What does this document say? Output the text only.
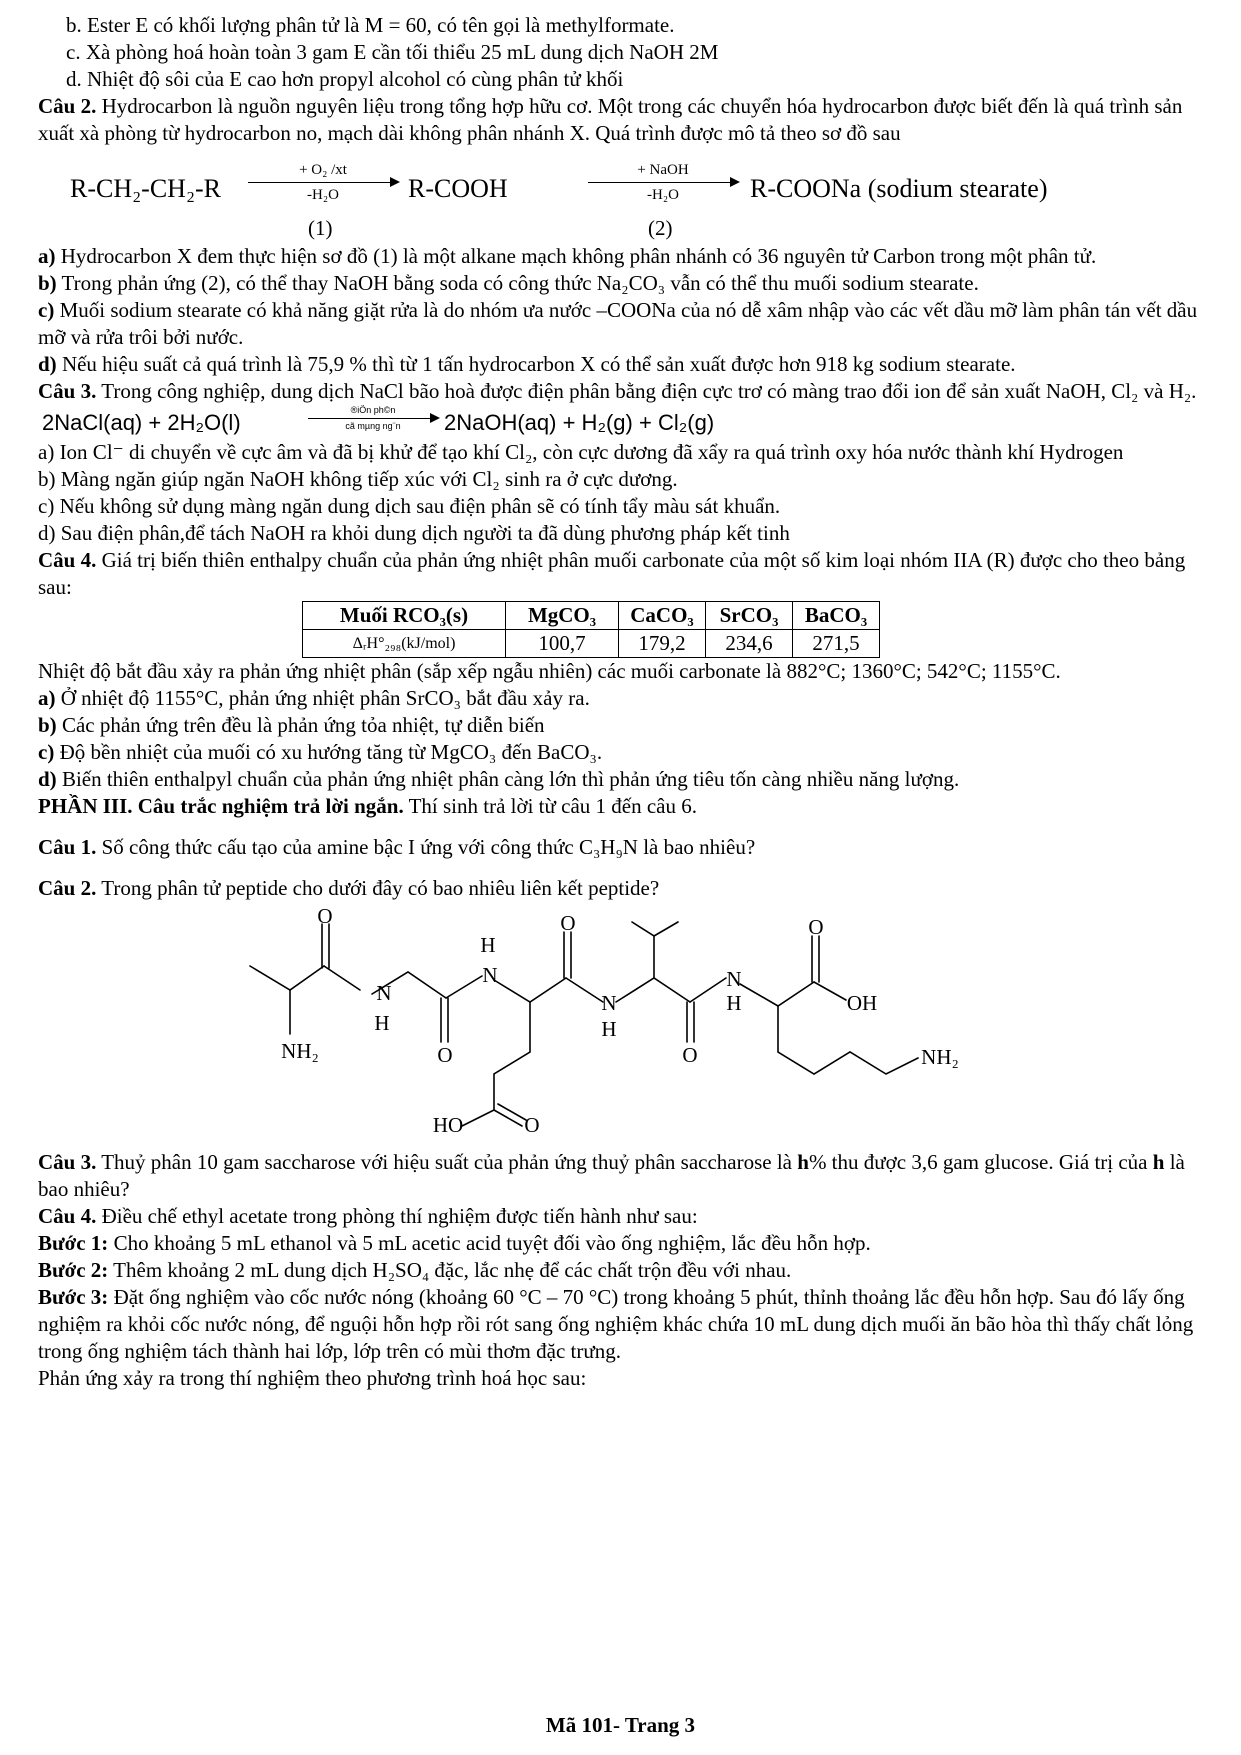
b. Ester E có khối lượng phân tử là M = 60, có tên gọi là methylformate.

c. Xà phòng hoá hoàn toàn 3 gam E cần tối thiểu 25 mL dung dịch NaOH 2M

d. Nhiệt độ sôi của E cao hơn propyl alcohol có cùng phân tử khối

Câu 2. Hydrocarbon là nguồn nguyên liệu trong tổng hợp hữu cơ. Một trong các chuyển hóa hydrocarbon được biết đến là quá trình sản xuất xà phòng từ hydrocarbon no, mạch dài không phân nhánh X. Quá trình được mô tả theo sơ đồ sau

R-CH₂-CH₂-R
+ O₂ /xt
-H₂O	R-COOH
+ NaOH
-H₂O	R-COONa (sodium stearate)
(1)	(2)

a) Hydrocarbon X đem thực hiện sơ đồ (1) là một alkane mạch không phân nhánh có 36 nguyên tử Carbon trong một phân tử.

b) Trong phản ứng (2), có thể thay NaOH bằng soda có công thức Na₂CO₃ vẫn có thể thu muối sodium stearate.

c) Muối sodium stearate có khả năng giặt rửa là do nhóm ưa nước –COONa của nó dễ xâm nhập vào các vết dầu mỡ làm phân tán vết dầu mỡ và rửa trôi bởi nước.

d) Nếu hiệu suất cả quá trình là 75,9 % thì từ 1 tấn hydrocarbon X có thể sản xuất được hơn 918 kg sodium stearate.

Câu 3. Trong công nghiệp, dung dịch NaCl bão hoà được điện phân bằng điện cực trơ có màng trao đổi ion để sản xuất NaOH, Cl₂ và H₂.

2NaCl(aq) + 2H₂O(l)	®iÖn ph©n
cã mµng ng¨n	2NaOH(aq) + H₂(g) + Cl₂(g)

a) Ion Cl⁻ di chuyển về cực âm và đã bị khử để tạo khí Cl₂, còn cực dương đã xẩy ra quá trình oxy hóa nước thành khí Hydrogen

b) Màng ngăn giúp ngăn NaOH không tiếp xúc với Cl₂ sinh ra ở cực dương.

c) Nếu không sử dụng màng ngăn dung dịch sau điện phân sẽ có tính tẩy màu sát khuẩn.

d) Sau điện phân,để tách NaOH ra khỏi dung dịch người ta đã dùng phương pháp kết tinh

Câu 4. Giá trị biến thiên enthalpy chuẩn của phản ứng nhiệt phân muối carbonate của một số kim loại nhóm IIA (R) được cho theo bảng sau:

Muối RCO₃(s)	MgCO₃	CaCO₃	SrCO₃	BaCO₃
ΔᵣH°₂₉₈(kJ/mol)	100,7	179,2	234,6	271,5

Nhiệt độ bắt đầu xảy ra phản ứng nhiệt phân (sắp xếp ngẫu nhiên) các muối carbonate là 882°C; 1360°C; 542°C; 1155°C.

a) Ở nhiệt độ 1155°C, phản ứng nhiệt phân SrCO₃ bắt đầu xảy ra.

b) Các phản ứng trên đều là phản ứng tỏa nhiệt, tự diễn biến

c) Độ bền nhiệt của muối có xu hướng tăng từ MgCO₃ đến BaCO₃.

d) Biến thiên enthalpyl chuẩn của phản ứng nhiệt phân càng lớn thì phản ứng tiêu tốn càng nhiều năng lượng.

PHẦN III. Câu trắc nghiệm trả lời ngắn. Thí sinh trả lời từ câu 1 đến câu 6.

Câu 1. Số công thức cấu tạo của amine bậc I ứng với công thức C₃H₉N là bao nhiêu?

Câu 2. Trong phân tử peptide cho dưới đây có bao nhiêu liên kết peptide?

O
N
H
NH₂	O
H
N
O
N
H
O
N
H
O
OH
NH₂
HO	O

Câu 3. Thuỷ phân 10 gam saccharose với hiệu suất của phản ứng thuỷ phân saccharose là h% thu được 3,6 gam glucose. Giá trị của h là bao nhiêu?

Câu 4. Điều chế ethyl acetate trong phòng thí nghiệm được tiến hành như sau:

Bước 1: Cho khoảng 5 mL ethanol và 5 mL acetic acid tuyệt đối vào ống nghiệm, lắc đều hỗn hợp.

Bước 2: Thêm khoảng 2 mL dung dịch H₂SO₄ đặc, lắc nhẹ để các chất trộn đều với nhau.

Bước 3: Đặt ống nghiệm vào cốc nước nóng (khoảng 60 °C – 70 °C) trong khoảng 5 phút, thỉnh thoảng lắc đều hỗn hợp. Sau đó lấy ống nghiệm ra khỏi cốc nước nóng, để nguội hỗn hợp rồi rót sang ống nghiệm khác chứa 10 mL dung dịch muối ăn bão hòa thì thấy chất lỏng trong ống nghiệm tách thành hai lớp, lớp trên có mùi thơm đặc trưng.

Phản ứng xảy ra trong thí nghiệm theo phương trình hoá học sau:

Mã 101- Trang 3
